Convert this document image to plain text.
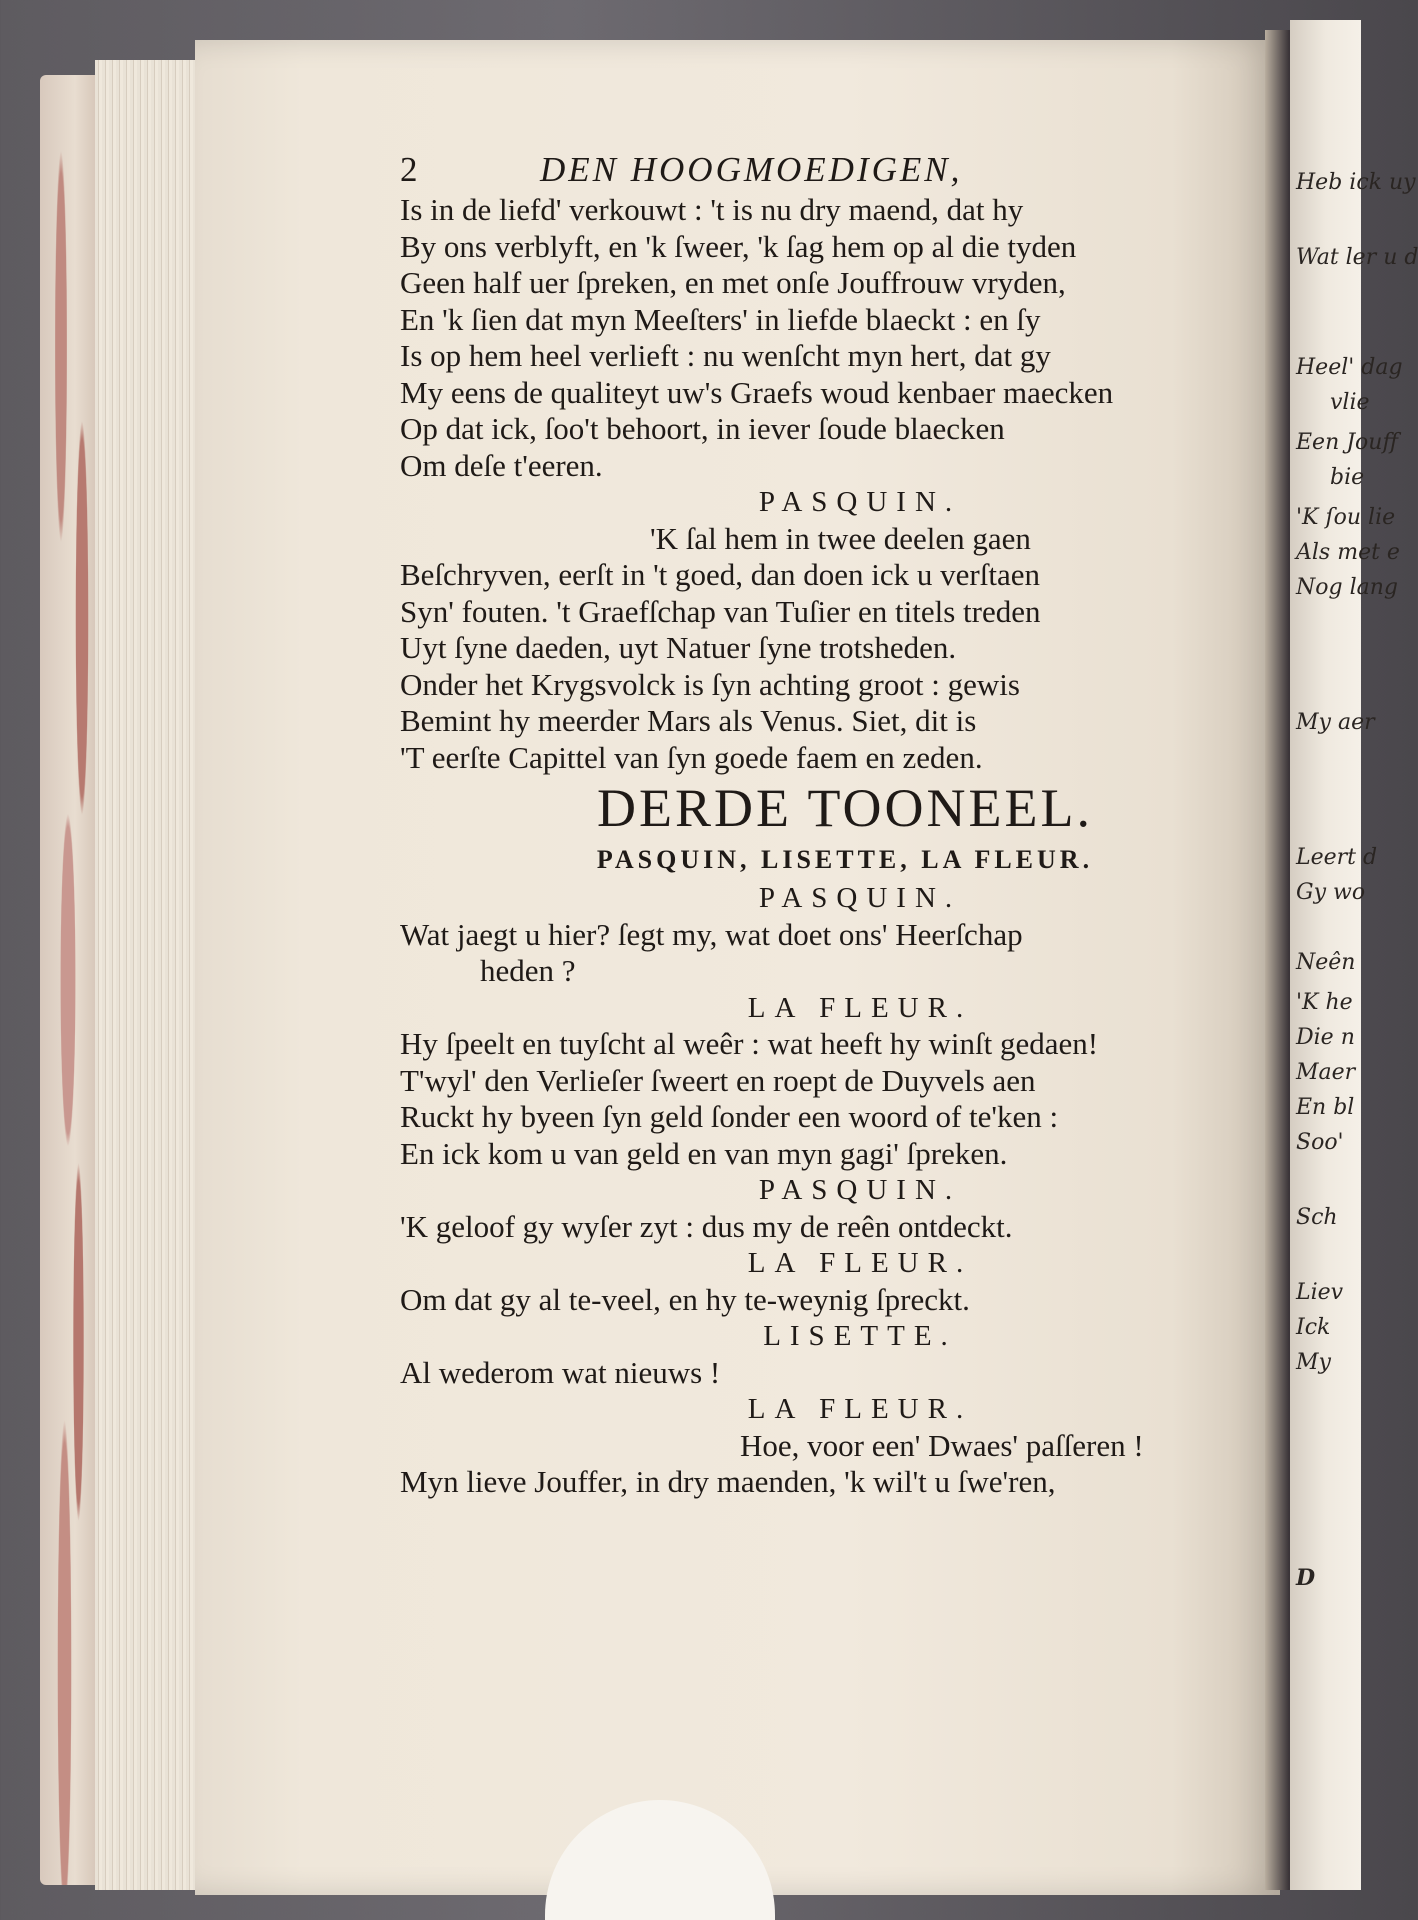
Heb ick uy
Wat ler u d
Heel' dag
vlie
Een Jouff
bie
'K ſou lie
Als met e
Nog lang
My aer
Leert d
Gy wo
Neên
'K he
Die n
Maer
En bl
Soo'
Sch
Liev
Ick
My
D
2	DEN HOOGMOEDIGEN,
Is in de liefd' verkouwt : 't is nu dry maend, dat hy
By ons verblyft, en 'k ſweer, 'k ſag hem op al die tyden
Geen half uer ſpreken, en met onſe Jouffrouw vryden,
En 'k ſien dat myn Meeſters' in liefde blaeckt : en ſy
Is op hem heel verlieft : nu wenſcht myn hert, dat gy
My eens de qualiteyt uw's Graefs woud kenbaer maecken
Op dat ick, ſoo't behoort, in iever ſoude blaecken
Om deſe t'eeren.
PASQUIN.
'K ſal hem in twee deelen gaen
Beſchryven, eerſt in 't goed, dan doen ick u verſtaen
Syn' fouten. 't Graefſchap van Tuſier en titels treden
Uyt ſyne daeden, uyt Natuer ſyne trotsheden.
Onder het Krygsvolck is ſyn achting groot : gewis
Bemint hy meerder Mars als Venus. Siet, dit is
'T eerſte Capittel van ſyn goede faem en zeden.
DERDE TOONEEL.
PASQUIN, LISETTE, LA FLEUR.
PASQUIN.
Wat jaegt u hier? ſegt my, wat doet ons' Heerſchap
heden ?
LA FLEUR.
Hy ſpeelt en tuyſcht al weêr : wat heeft hy winſt gedaen!
T'wyl' den Verlieſer ſweert en roept de Duyvels aen
Ruckt hy byeen ſyn geld ſonder een woord of te'ken :
En ick kom u van geld en van myn gagi' ſpreken.
PASQUIN.
'K geloof gy wyſer zyt : dus my de reên ontdeckt.
LA FLEUR.
Om dat gy al te-veel, en hy te-weynig ſpreckt.
LISETTE.
Al wederom wat nieuws !
LA FLEUR.
Hoe, voor een' Dwaes' paſſeren !
Myn lieve Jouffer, in dry maenden, 'k wil't u ſwe'ren,
